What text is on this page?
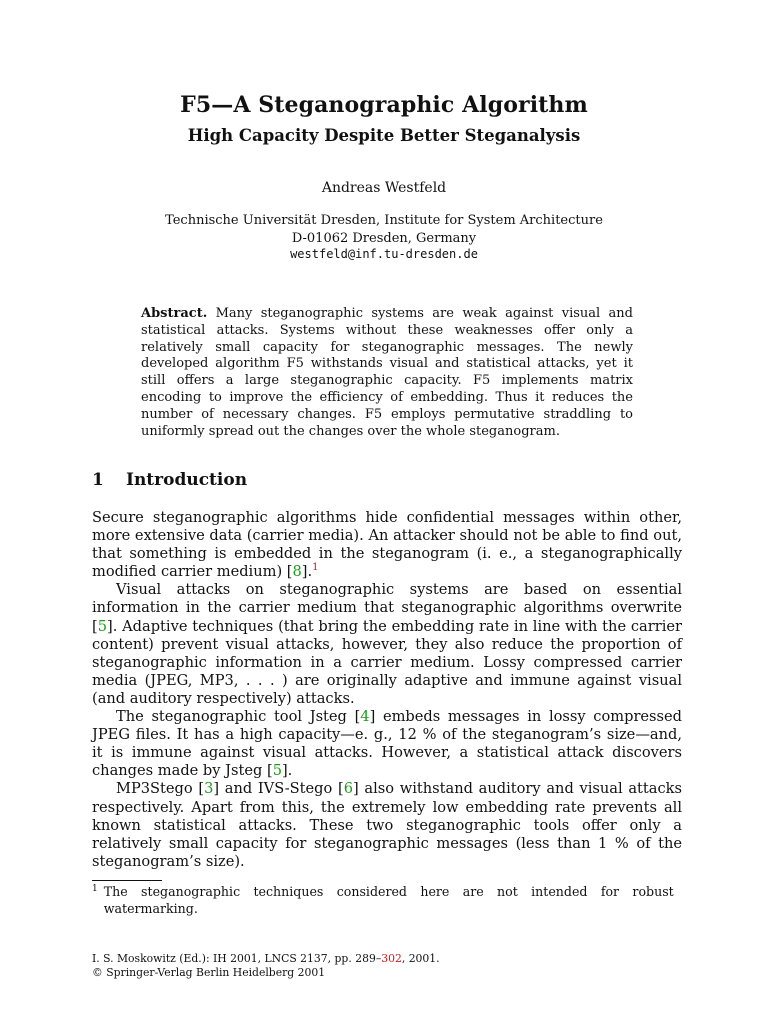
F5—A Steganographic Algorithm
High Capacity Despite Better Steganalysis
Andreas Westfeld
Technische Universität Dresden, Institute for System Architecture
D-01062 Dresden, Germany
westfeld@inf.tu-dresden.de
Abstract. Many steganographic systems are weak against visual and statistical attacks. Systems without these weaknesses offer only a relatively small capacity for steganographic messages. The newly developed algorithm F5 withstands visual and statistical attacks, yet it still offers a large steganographic capacity. F5 implements matrix encoding to improve the efficiency of embedding. Thus it reduces the number of necessary changes. F5 employs permutative straddling to uniformly spread out the changes over the whole steganogram.
1 Introduction

Secure steganographic algorithms hide confidential messages within other, more extensive data (carrier media). An attacker should not be able to find out, that something is embedded in the steganogram (i. e., a steganographically modified carrier medium) [8].$^1$

Visual attacks on steganographic systems are based on essential information in the carrier medium that steganographic algorithms overwrite [5]. Adaptive techniques (that bring the embedding rate in line with the carrier content) prevent visual attacks, however, they also reduce the proportion of steganographic information in a carrier medium. Lossy compressed carrier media (JPEG, MP3, . . . ) are originally adaptive and immune against visual (and auditory respectively) attacks.

The steganographic tool Jsteg [4] embeds messages in lossy compressed JPEG files. It has a high capacity—e. g., 12 % of the steganogram’s size—and, it is immune against visual attacks. However, a statistical attack discovers changes made by Jsteg [5].

MP3Stego [3] and IVS-Stego [6] also withstand auditory and visual attacks respectively. Apart from this, the extremely low embedding rate prevents all known statistical attacks. These two steganographic tools offer only a relatively small capacity for steganographic messages (less than 1 % of the steganogram’s size).

$^1$ The steganographic techniques considered here are not intended for robust watermarking.
I. S. Moskowitz (Ed.): IH 2001, LNCS 2137, pp. 289–302, 2001.
© Springer-Verlag Berlin Heidelberg 2001
